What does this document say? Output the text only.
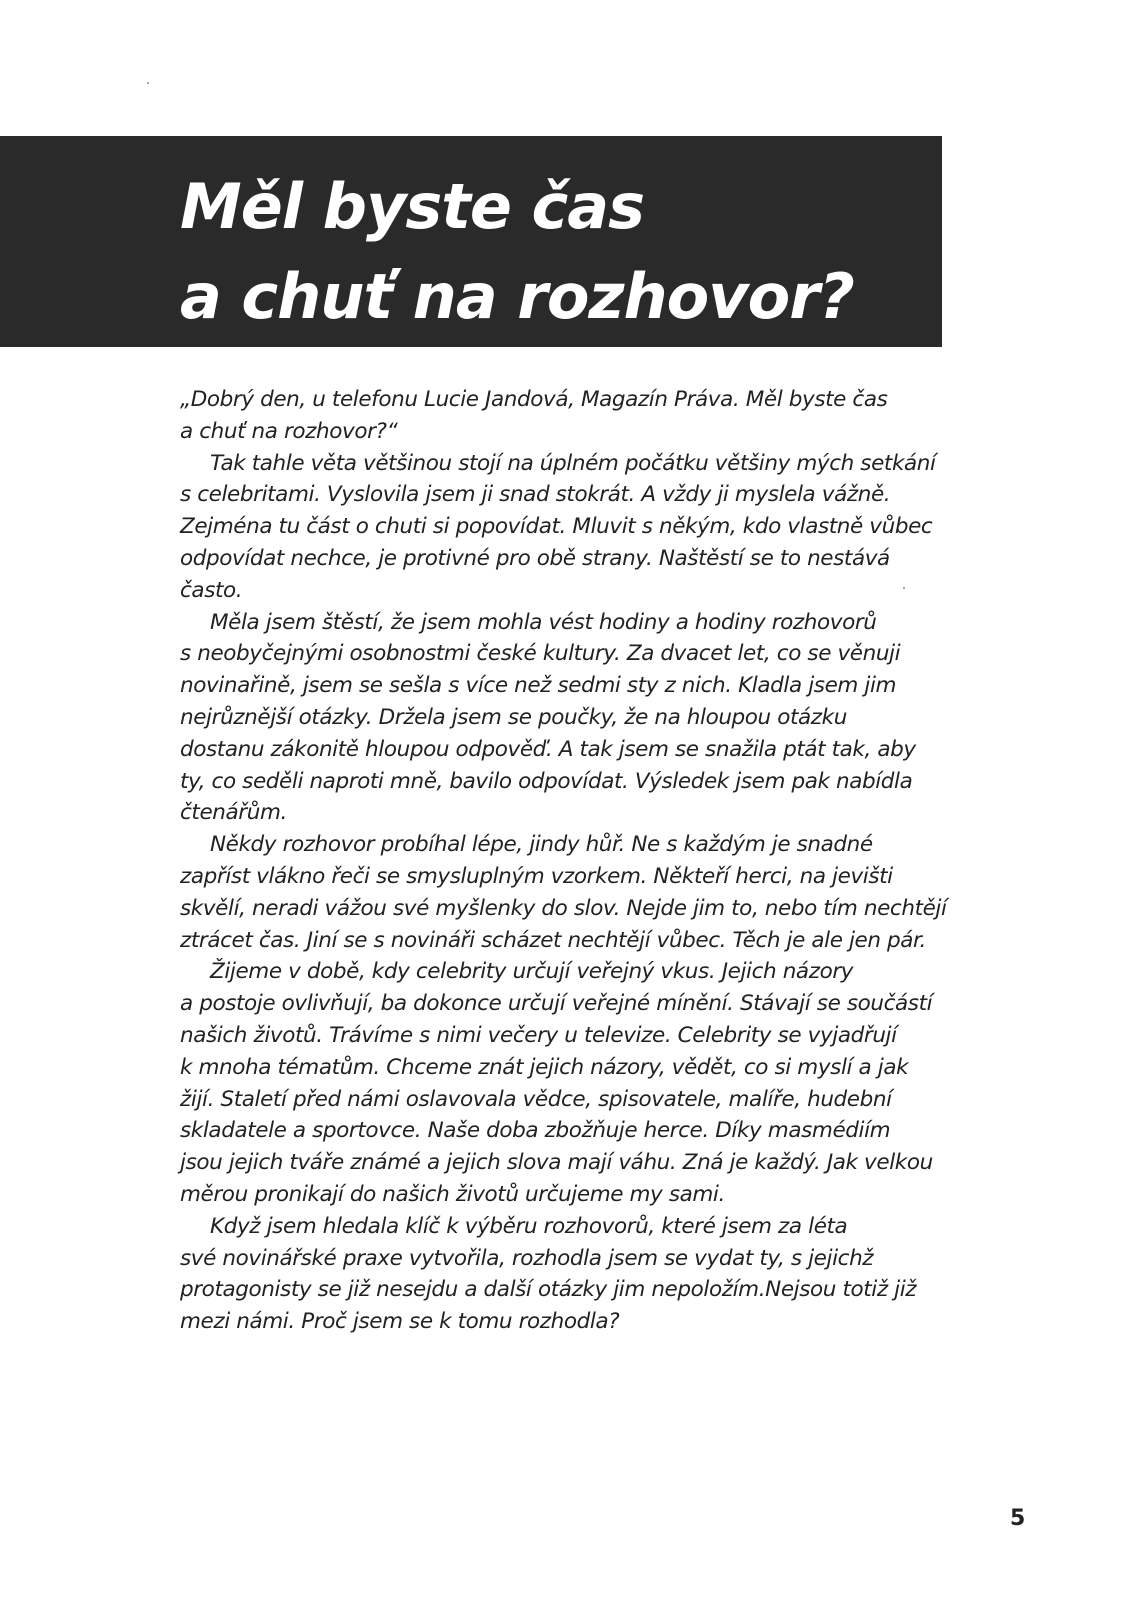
Měl byste čas
a chuť na rozhovor?
„Dobrý den, u telefonu Lucie Jandová, Magazín Práva. Měl byste čas
a chuť na rozhovor?“
Tak tahle věta většinou stojí na úplném počátku většiny mých setkání
s celebritami. Vyslovila jsem ji snad stokrát. A vždy ji myslela vážně.
Zejména tu část o chuti si popovídat. Mluvit s někým, kdo vlastně vůbec
odpovídat nechce, je protivné pro obě strany. Naštěstí se to nestává
často.
Měla jsem štěstí, že jsem mohla vést hodiny a hodiny rozhovorů
s neobyčejnými osobnostmi české kultury. Za dvacet let, co se věnuji
novinařině, jsem se sešla s více než sedmi sty z nich. Kladla jsem jim
nejrůznější otázky. Držela jsem se poučky, že na hloupou otázku
dostanu zákonitě hloupou odpověď. A tak jsem se snažila ptát tak, aby
ty, co seděli naproti mně, bavilo odpovídat. Výsledek jsem pak nabídla
čtenářům.
Někdy rozhovor probíhal lépe, jindy hůř. Ne s každým je snadné
zapříst vlákno řeči se smysluplným vzorkem. Někteří herci, na jevišti
skvělí, neradi vážou své myšlenky do slov. Nejde jim to, nebo tím nechtějí
ztrácet čas. Jiní se s novináři scházet nechtějí vůbec. Těch je ale jen pár.
Žijeme v době, kdy celebrity určují veřejný vkus. Jejich názory
a postoje ovlivňují, ba dokonce určují veřejné mínění. Stávají se součástí
našich životů. Trávíme s nimi večery u televize. Celebrity se vyjadřují
k mnoha tématům. Chceme znát jejich názory, vědět, co si myslí a jak
žijí. Staletí před námi oslavovala vědce, spisovatele, malíře, hudební
skladatele a sportovce. Naše doba zbožňuje herce. Díky masmédiím
jsou jejich tváře známé a jejich slova mají váhu. Zná je každý. Jak velkou
měrou pronikají do našich životů určujeme my sami.
Když jsem hledala klíč k výběru rozhovorů, které jsem za léta
své novinářské praxe vytvořila, rozhodla jsem se vydat ty, s jejichž
protagonisty se již nesejdu a další otázky jim nepoložím.Nejsou totiž již
mezi námi. Proč jsem se k tomu rozhodla?
5
